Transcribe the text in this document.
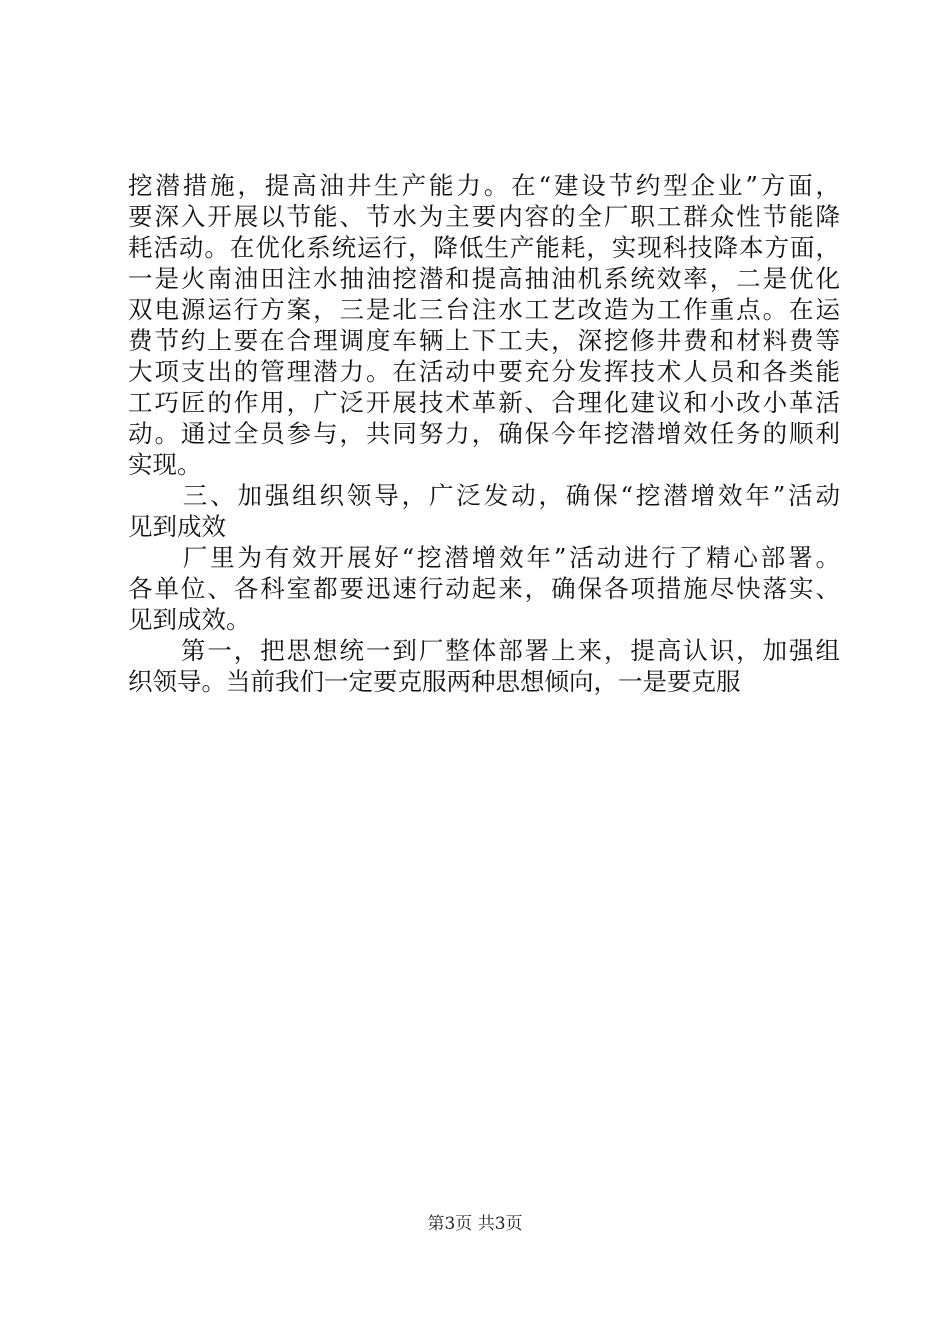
挖潜措施，提高油井生产能力。在“建设节约型企业”方面，
要深入开展以节能、节水为主要内容的全厂职工群众性节能降
耗活动。在优化系统运行，降低生产能耗，实现科技降本方面，
一是火南油田注水抽油挖潜和提高抽油机系统效率，二是优化
双电源运行方案，三是北三台注水工艺改造为工作重点。在运
费节约上要在合理调度车辆上下工夫，深挖修井费和材料费等
大项支出的管理潜力。在活动中要充分发挥技术人员和各类能
工巧匠的作用，广泛开展技术革新、合理化建议和小改小革活
动。通过全员参与，共同努力，确保今年挖潜增效任务的顺利
实现。
　　三、加强组织领导，广泛发动，确保“挖潜增效年”活动
见到成效
　　厂里为有效开展好“挖潜增效年”活动进行了精心部署。
各单位、各科室都要迅速行动起来，确保各项措施尽快落实、
见到成效。
　　第一，把思想统一到厂整体部署上来，提高认识，加强组
织领导。当前我们一定要克服两种思想倾向，一是要克服
第3页 共3页
